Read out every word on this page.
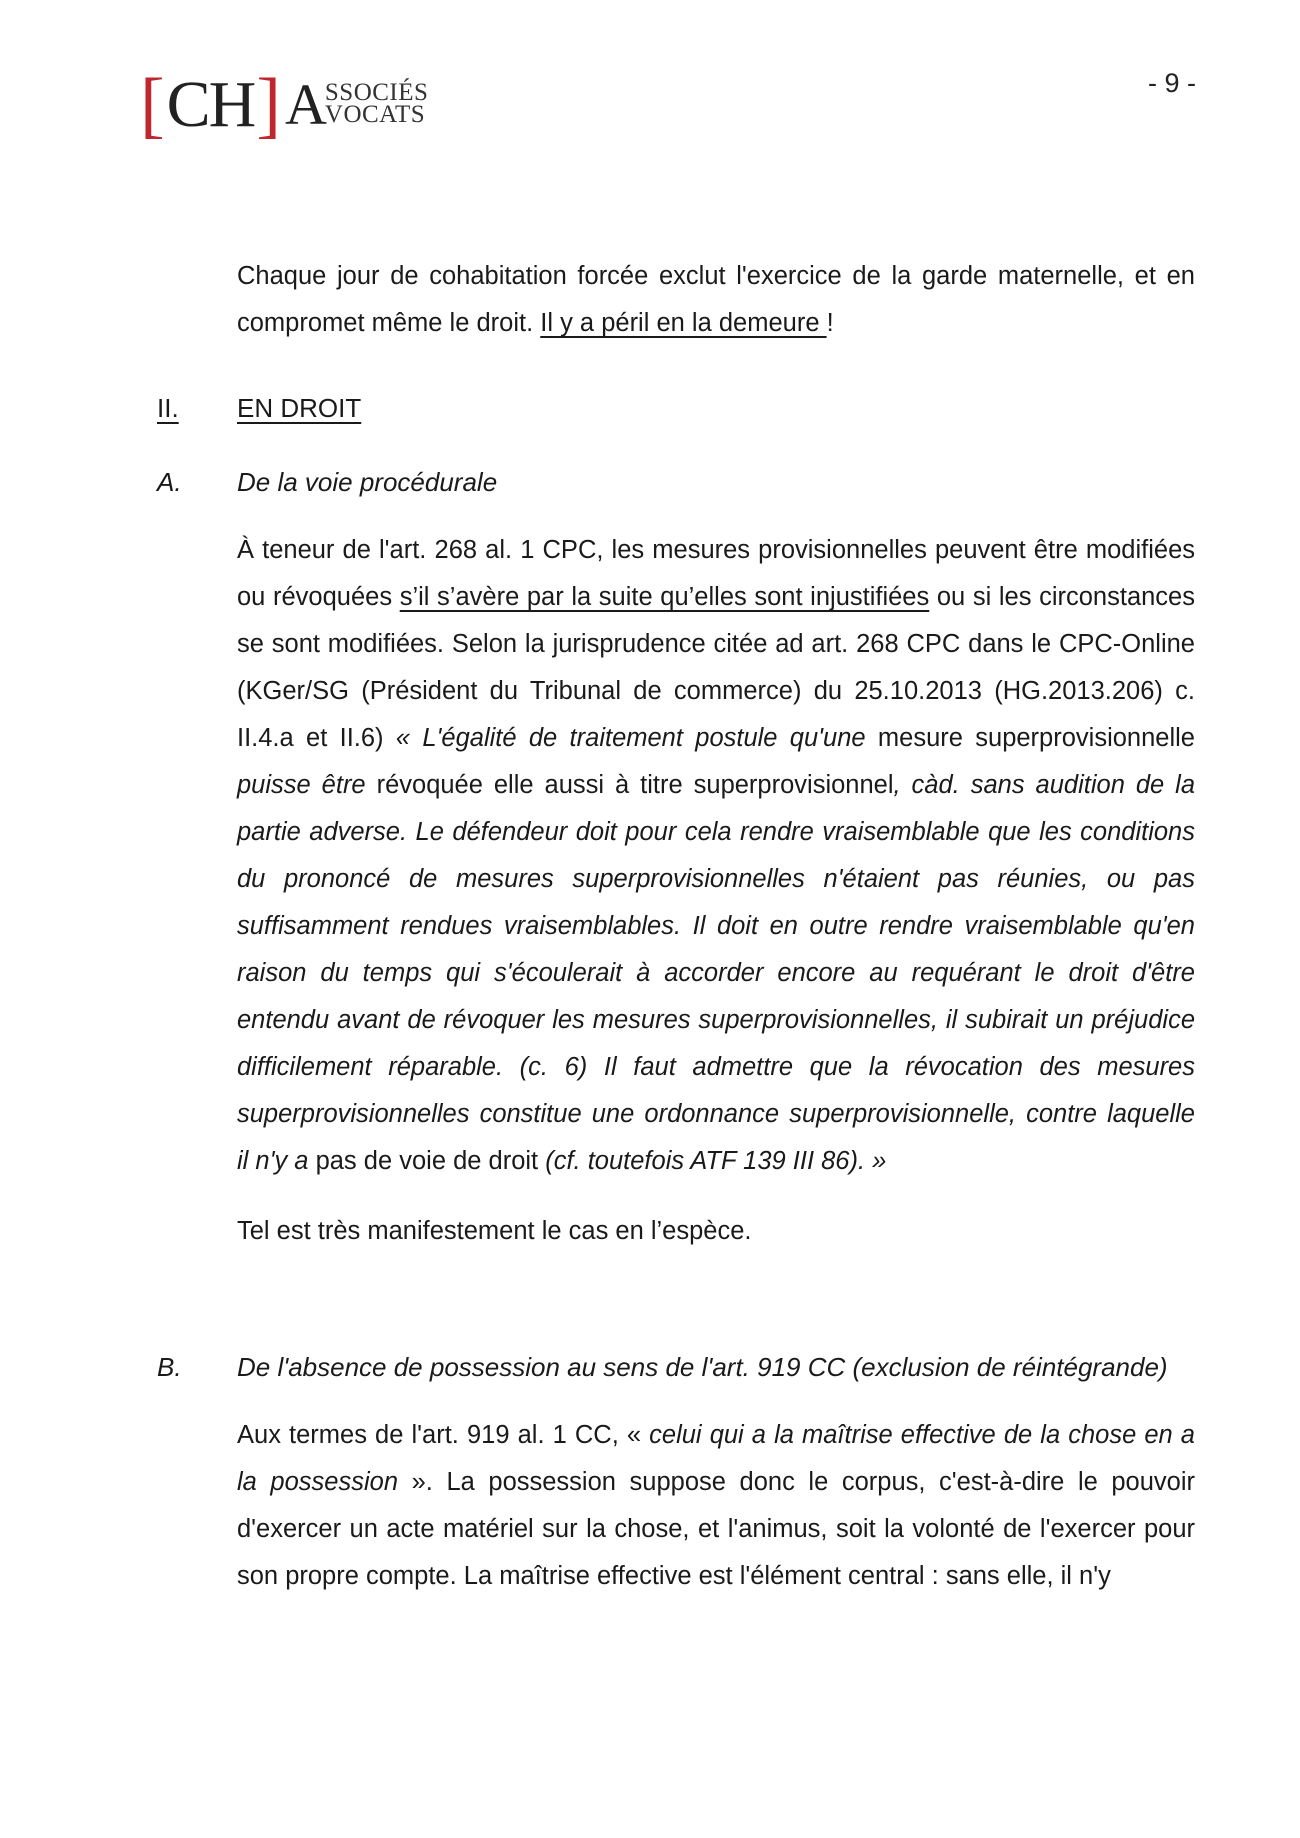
[ CH ] A
SSOCIÉS
VOCATS
- 9 -
Chaque jour de cohabitation forcée exclut l'exercice de la garde maternelle, et en compromet même le droit. Il y a péril en la demeure !
II. EN DROIT
A. De la voie procédurale
À teneur de l'art. 268 al. 1 CPC, les mesures provisionnelles peuvent être modifiées ou révoquées s’il s’avère par la suite qu’elles sont injustifiées ou si les circonstances se sont modifiées. Selon la jurisprudence citée ad art. 268 CPC dans le CPC-Online (KGer/SG (Président du Tribunal de commerce) du 25.10.2013 (HG.2013.206) c. II.4.a et II.6) « L'égalité de traitement postule qu'une mesure superprovisionnelle puisse être révoquée elle aussi à titre superprovisionnel, càd. sans audition de la partie adverse. Le défendeur doit pour cela rendre vraisemblable que les conditions du prononcé de mesures superprovisionnelles n'étaient pas réunies, ou pas suffisamment rendues vraisemblables. Il doit en outre rendre vraisemblable qu'en raison du temps qui s'écoulerait à accorder encore au requérant le droit d'être entendu avant de révoquer les mesures superprovisionnelles, il subirait un préjudice difficilement réparable. (c. 6) Il faut admettre que la révocation des mesures superprovisionnelles constitue une ordonnance superprovisionnelle, contre laquelle il n'y a pas de voie de droit (cf. toutefois ATF 139 III 86). »
Tel est très manifestement le cas en l’espèce.
B. De l'absence de possession au sens de l'art. 919 CC (exclusion de réintégrande)
Aux termes de l'art. 919 al. 1 CC, « celui qui a la maîtrise effective de la chose en a la possession ». La possession suppose donc le corpus, c'est-à-dire le pouvoir d'exercer un acte matériel sur la chose, et l'animus, soit la volonté de l'exercer pour son propre compte. La maîtrise effective est l'élément central : sans elle, il n'y
